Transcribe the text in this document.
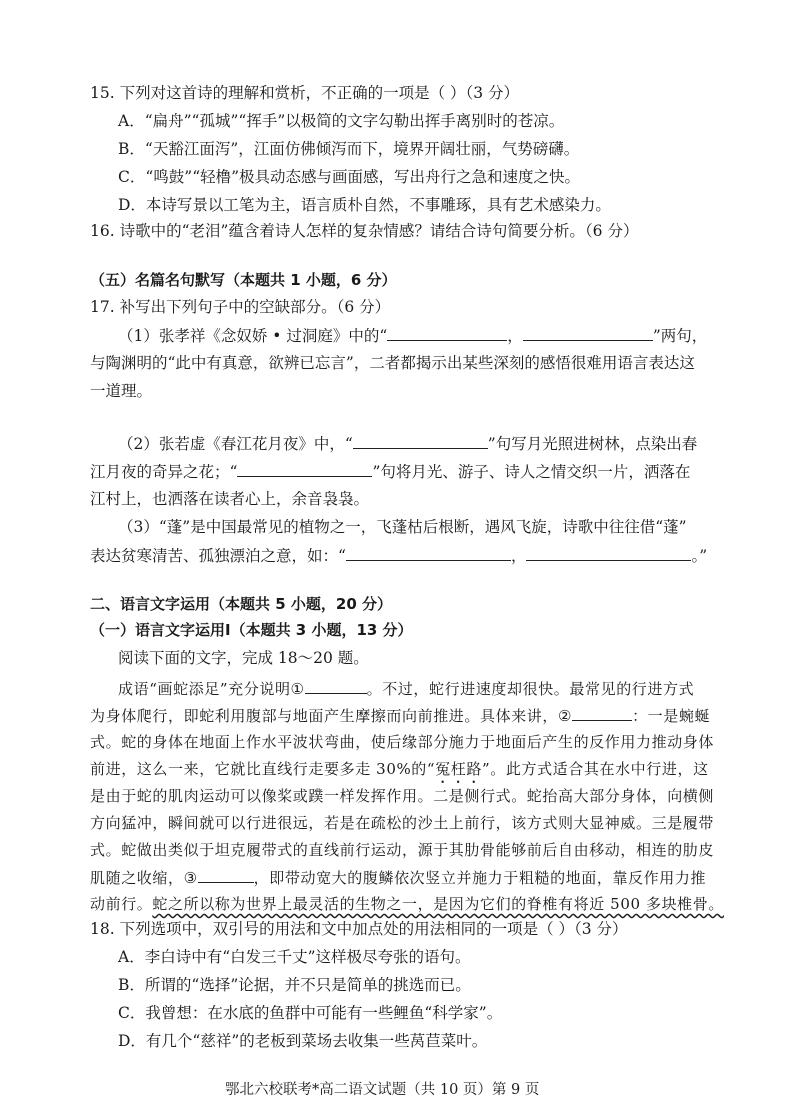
15. 下列对这首诗的理解和赏析，不正确的一项是（ ）（3 分）
A．“扁舟”“孤城”“挥手”以极简的文字勾勒出挥手离别时的苍凉。
B．“天豁江面泻”，江面仿佛倾泻而下，境界开阔壮丽，气势磅礴。
C．“鸣鼓”“轻橹”极具动态感与画面感，写出舟行之急和速度之快。
D．本诗写景以工笔为主，语言质朴自然，不事雕琢，具有艺术感染力。
16. 诗歌中的“老泪”蕴含着诗人怎样的复杂情感？请结合诗句简要分析。（6 分）
（五）名篇名句默写（本题共 1 小题，6 分）
17. 补写出下列句子中的空缺部分。（6 分）
（1）张孝祥《念奴娇 • 过洞庭》中的“	，	”两句，
与陶渊明的“此中有真意，欲辨已忘言”，二者都揭示出某些深刻的感悟很难用语言表达这
一道理。
（2）张若虚《春江花月夜》中，“	”句写月光照进树林，点染出春
江月夜的奇异之花；“	”句将月光、游子、诗人之情交织一片，洒落在
江村上，也洒落在读者心上，余音袅袅。
（3）“蓬”是中国最常见的植物之一，飞蓬枯后根断，遇风飞旋，诗歌中往往借“蓬”
表达贫寒清苦、孤独漂泊之意，如：“	，	。”
二、语言文字运用（本题共 5 小题，20 分）
（一）语言文字运用Ⅰ（本题共 3 小题，13 分）
阅读下面的文字，完成 18～20 题。
成语“画蛇添足”充分说明①	。不过，蛇行进速度却很快。最常见的行进方式
为身体爬行，即蛇利用腹部与地面产生摩擦而向前推进。具体来讲，②	：一是蜿蜒
式。蛇的身体在地面上作水平波状弯曲，使后缘部分施力于地面后产生的反作用力推动身体
前进，这么一来，它就比直线行走要多走 30%的“冤枉路”。此方式适合其在水中行进，这
是由于蛇的肌肉运动可以像桨或蹼一样发挥作用。二是侧行式。蛇抬高大部分身体，向横侧
方向猛冲，瞬间就可以行进很远，若是在疏松的沙土上前行，该方式则大显神威。三是履带
式。蛇做出类似于坦克履带式的直线前行运动，源于其肋骨能够前后自由移动，相连的肋皮
肌随之收缩，③	，即带动宽大的腹鳞依次竖立并施力于粗糙的地面，靠反作用力推
动前行。蛇之所以称为世界上最灵活的生物之一，是因为它们的脊椎有将近 500 多块椎骨。
18. 下列选项中，双引号的用法和文中加点处的用法相同的一项是（ ）（3 分）
A．李白诗中有“白发三千丈”这样极尽夸张的语句。
B．所谓的“选择”论据，并不只是简单的挑选而已。
C．我曾想：在水底的鱼群中可能有一些鲤鱼“科学家”。
D．有几个“慈祥”的老板到菜场去收集一些莴苣菜叶。
鄂北六校联考*高二语文试题（共 10 页）第 9 页
